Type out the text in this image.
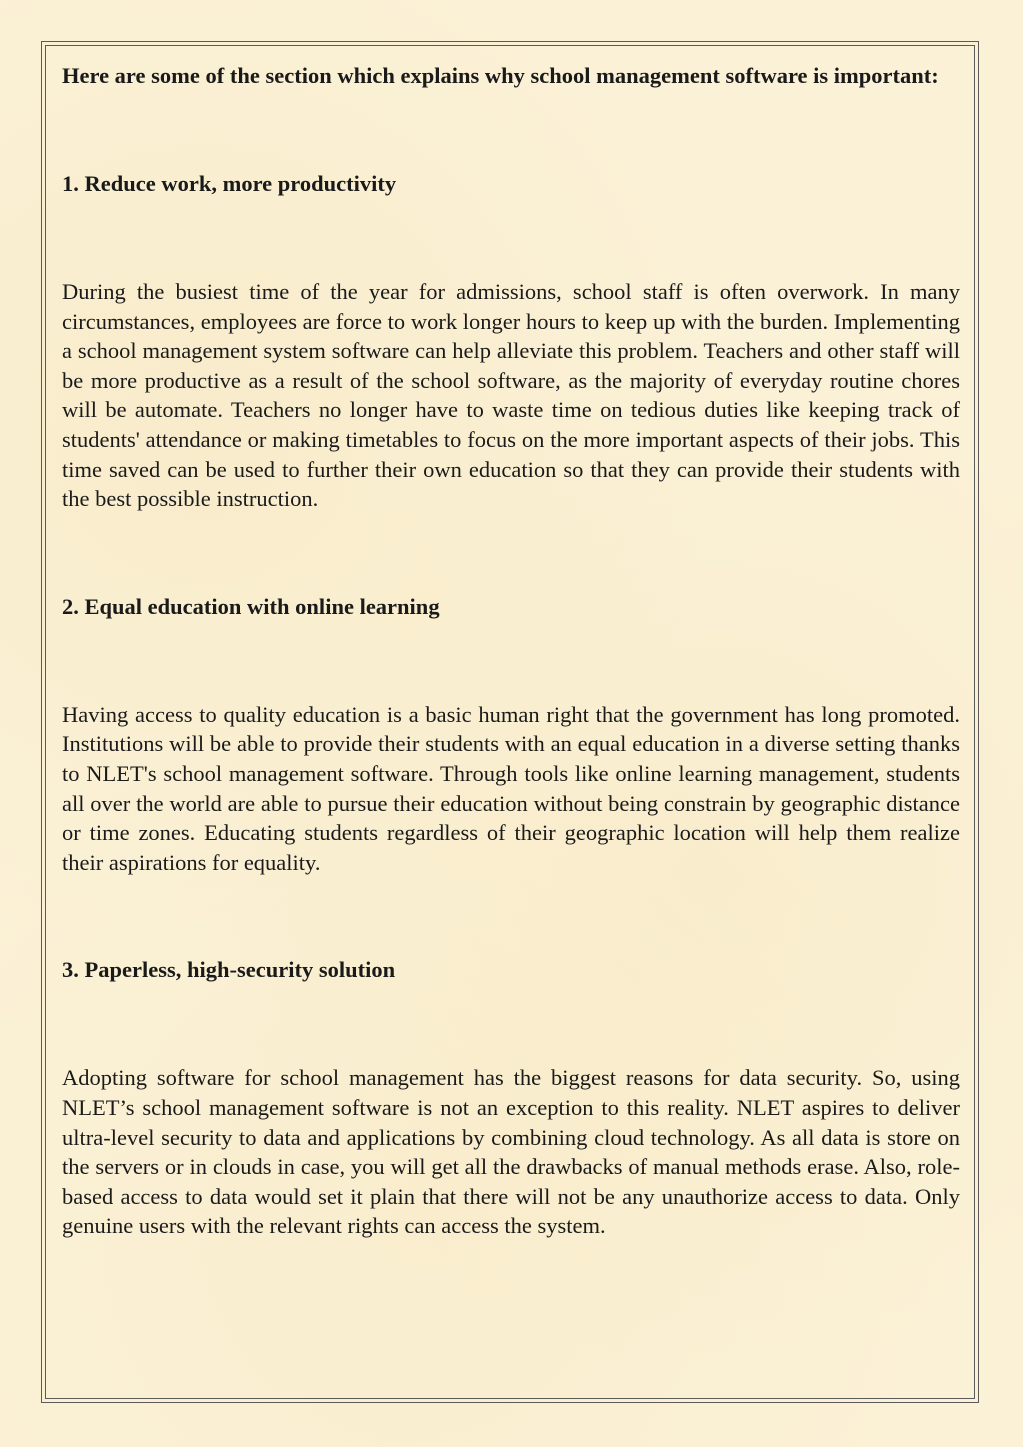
Here are some of the section which explains why school management software is important:

1. Reduce work, more productivity

During the busiest time of the year for admissions, school staff is often overwork. In many circumstances, employees are force to work longer hours to keep up with the burden. Implementing a school management system software can help alleviate this problem. Teachers and other staff will be more productive as a result of the school software, as the majority of everyday routine chores will be automate. Teachers no longer have to waste time on tedious duties like keeping track of students' attendance or making timetables to focus on the more important aspects of their jobs. This time saved can be used to further their own education so that they can provide their students with the best possible instruction.

2. Equal education with online learning

Having access to quality education is a basic human right that the government has long promoted. Institutions will be able to provide their students with an equal education in a diverse setting thanks to NLET's school management software. Through tools like online learning management, students all over the world are able to pursue their education without being constrain by geographic distance or time zones. Educating students regardless of their geographic location will help them realize their aspirations for equality.

3. Paperless, high-security solution

Adopting software for school management has the biggest reasons for data security. So, using NLET’s school management software is not an exception to this reality. NLET aspires to deliver ultra-level security to data and applications by combining cloud technology. As all data is store on the servers or in clouds in case, you will get all the drawbacks of manual methods erase. Also, role-based access to data would set it plain that there will not be any unauthorize access to data. Only genuine users with the relevant rights can access the system.
